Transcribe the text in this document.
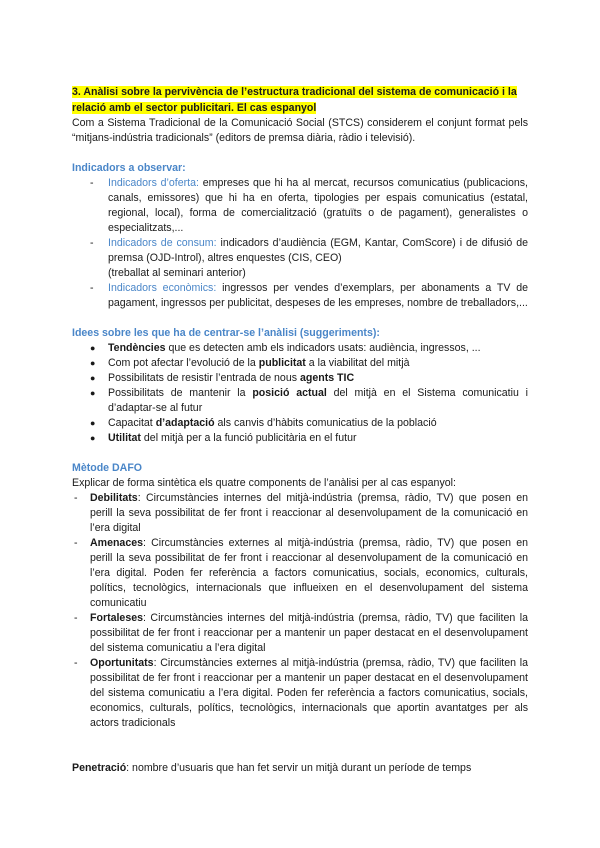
3. Anàlisi sobre la pervivència de l’estructura tradicional del sistema de comunicació i la relació amb el sector publicitari. El cas espanyol

Com a Sistema Tradicional de la Comunicació Social (STCS) considerem el conjunt format pels “mitjans-indústria tradicionals” (editors de premsa diària, ràdio i televisió).

Indicadors a observar:

- Indicadors d’oferta: empreses que hi ha al mercat, recursos comunicatius (publicacions, canals, emissores) que hi ha en oferta, tipologies per espais comunicatius (estatal, regional, local), forma de comercialització (gratuïts o de pagament), generalistes o especialitzats,...
- Indicadors de consum: indicadors d’audiència (EGM, Kantar, ComScore) i de difusió de premsa (OJD-Introl), altres enquestes (CIS, CEO)
(treballat al seminari anterior)
- Indicadors econòmics: ingressos per vendes d’exemplars, per abonaments a TV de pagament, ingressos per publicitat, despeses de les empreses, nombre de treballadors,...

Idees sobre les que ha de centrar-se l’anàlisi (suggeriments):

● Tendències que es detecten amb els indicadors usats: audiència, ingressos, ...
● Com pot afectar l’evolució de la publicitat a la viabilitat del mitjà
● Possibilitats de resistir l’entrada de nous agents TIC
● Possibilitats de mantenir la posició actual del mitjà en el Sistema comunicatiu i d’adaptar-se al futur
● Capacitat d’adaptació als canvis d’hàbits comunicatius de la població
● Utilitat del mitjà per a la funció publicitària en el futur

Mètode DAFO

Explicar de forma sintètica els quatre components de l’anàlisi per al cas espanyol:

- Debilitats: Circumstàncies internes del mitjà-indústria (premsa, ràdio, TV) que posen en perill la seva possibilitat de fer front i reaccionar al desenvolupament de la comunicació en l’era digital
- Amenaces: Circumstàncies externes al mitjà-indústria (premsa, ràdio, TV) que posen en perill la seva possibilitat de fer front i reaccionar al desenvolupament de la comunicació en l’era digital. Poden fer referència a factors comunicatius, socials, economics, culturals, polítics, tecnològics, internacionals que influeixen en el desenvolupament del sistema comunicatiu
- Fortaleses: Circumstàncies internes del mitjà-indústria (premsa, ràdio, TV) que faciliten la possibilitat de fer front i reaccionar per a mantenir un paper destacat en el desenvolupament del sistema comunicatiu a l’era digital
- Oportunitats: Circumstàncies externes al mitjà-indústria (premsa, ràdio, TV) que faciliten la possibilitat de fer front i reaccionar per a mantenir un paper destacat en el desenvolupament del sistema comunicatiu a l’era digital. Poden fer referència a factors comunicatius, socials, economics, culturals, polítics, tecnològics, internacionals que aportin avantatges per als actors tradicionals

Penetració: nombre d’usuaris que han fet servir un mitjà durant un període de temps
